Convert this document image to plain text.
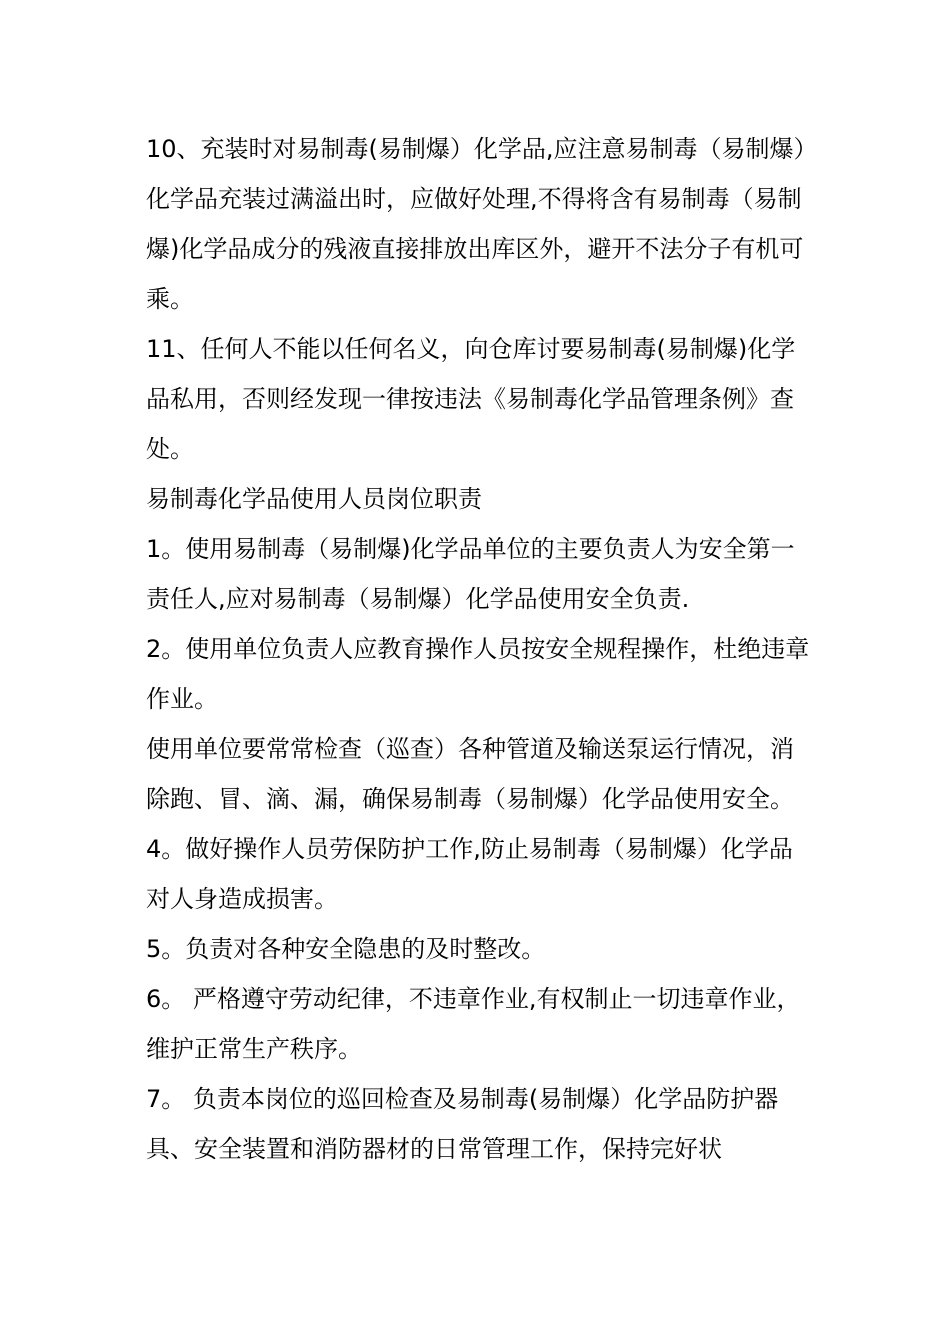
10、充装时对易制毒(易制爆）化学品,应注意易制毒（易制爆）化学品充装过满溢出时，应做好处理,不得将含有易制毒（易制爆)化学品成分的残液直接排放出库区外，避开不法分子有机可乘。

11、任何人不能以任何名义，向仓库讨要易制毒(易制爆)化学品私用，否则经发现一律按违法《易制毒化学品管理条例》查处。

易制毒化学品使用人员岗位职责

1。使用易制毒（易制爆)化学品单位的主要负责人为安全第一责任人,应对易制毒（易制爆）化学品使用安全负责.

2。使用单位负责人应教育操作人员按安全规程操作，杜绝违章作业。

使用单位要常常检查（巡查）各种管道及输送泵运行情况，消除跑、冒、滴、漏，确保易制毒（易制爆）化学品使用安全。

4。做好操作人员劳保防护工作,防止易制毒（易制爆）化学品对人身造成损害。

5。负责对各种安全隐患的及时整改。

6。 严格遵守劳动纪律，不违章作业,有权制止一切违章作业，维护正常生产秩序。

7。 负责本岗位的巡回检查及易制毒(易制爆）化学品防护器具、安全装置和消防器材的日常管理工作，保持完好状
